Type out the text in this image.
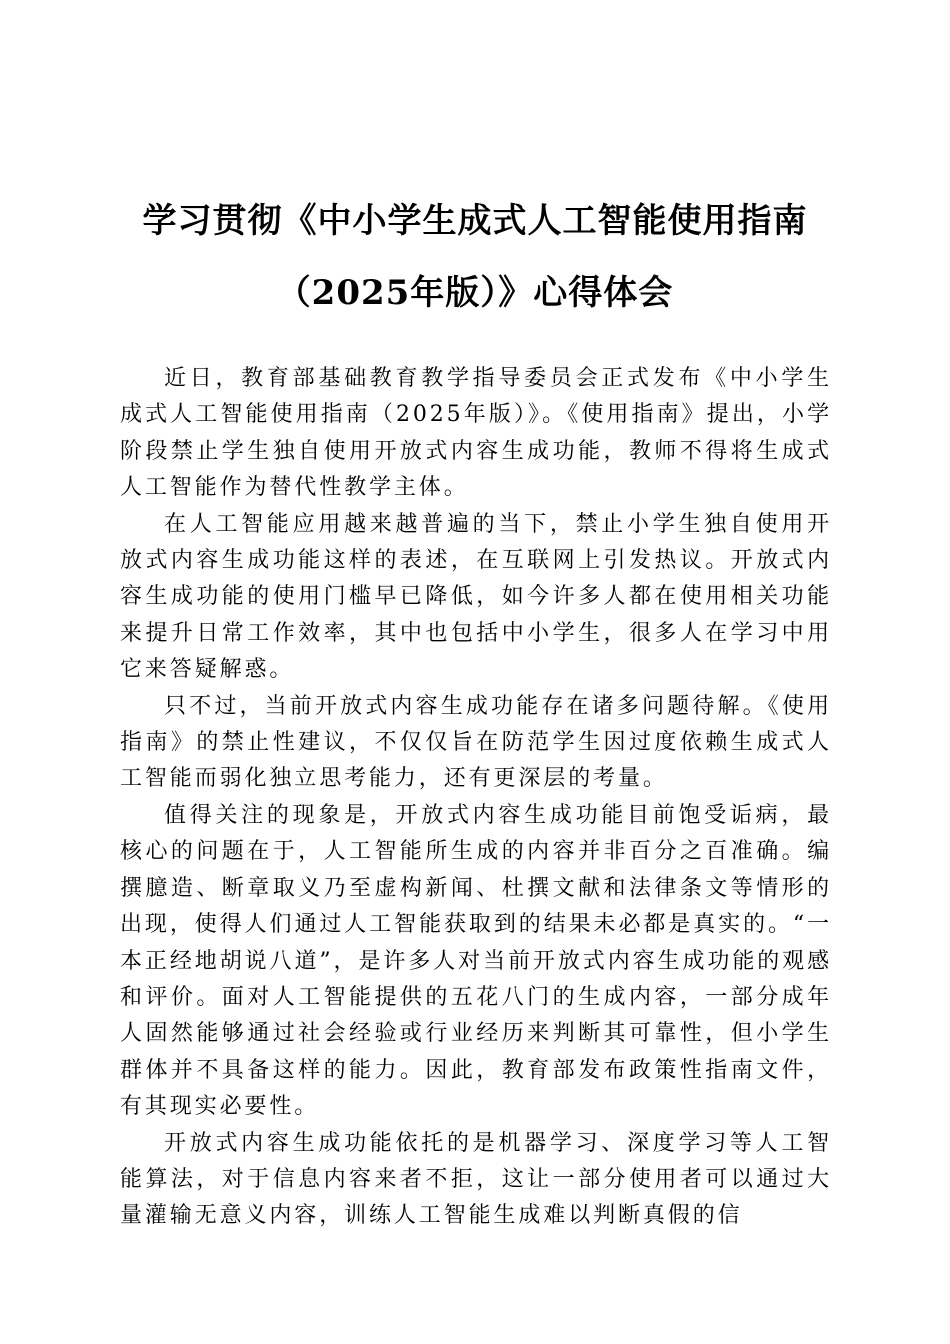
学习贯彻《中小学生成式人工智能使用指南
（2025年版）》心得体会

近日，教育部基础教育教学指导委员会正式发布《中小学生成式人工智能使用指南（2025年版）》。《使用指南》提出，小学阶段禁止学生独自使用开放式内容生成功能，教师不得将生成式人工智能作为替代性教学主体。

在人工智能应用越来越普遍的当下，禁止小学生独自使用开放式内容生成功能这样的表述，在互联网上引发热议。开放式内容生成功能的使用门槛早已降低，如今许多人都在使用相关功能来提升日常工作效率，其中也包括中小学生，很多人在学习中用它来答疑解惑。

只不过，当前开放式内容生成功能存在诸多问题待解。《使用指南》的禁止性建议，不仅仅旨在防范学生因过度依赖生成式人工智能而弱化独立思考能力，还有更深层的考量。

值得关注的现象是，开放式内容生成功能目前饱受诟病，最核心的问题在于，人工智能所生成的内容并非百分之百准确。编撰臆造、断章取义乃至虚构新闻、杜撰文献和法律条文等情形的出现，使得人们通过人工智能获取到的结果未必都是真实的。“一本正经地胡说八道”，是许多人对当前开放式内容生成功能的观感和评价。面对人工智能提供的五花八门的生成内容，一部分成年人固然能够通过社会经验或行业经历来判断其可靠性，但小学生群体并不具备这样的能力。因此，教育部发布政策性指南文件，有其现实必要性。

开放式内容生成功能依托的是机器学习、深度学习等人工智能算法，对于信息内容来者不拒，这让一部分使用者可以通过大量灌输无意义内容，训练人工智能生成难以判断真假的信
